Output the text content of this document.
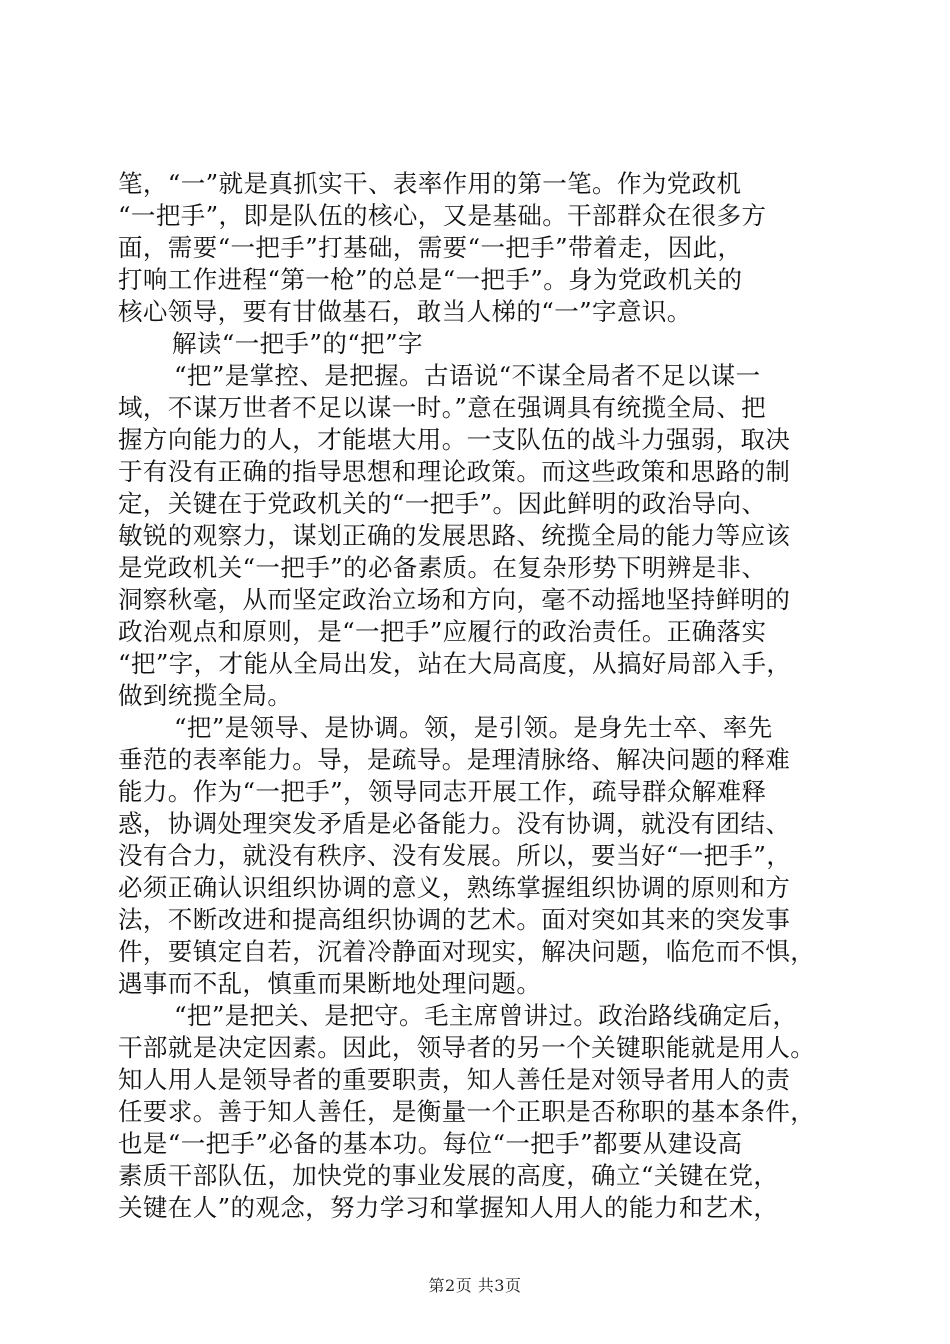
笔，“一”就是真抓实干、表率作用的第一笔。作为党政机
“一把手”，即是队伍的核心，又是基础。干部群众在很多方
面，需要“一把手”打基础，需要“一把手”带着走，因此，
打响工作进程“第一枪”的总是“一把手”。身为党政机关的
核心领导，要有甘做基石，敢当人梯的“一”字意识。
解读“一把手”的“把”字
“把”是掌控、是把握。古语说“不谋全局者不足以谋一
域，不谋万世者不足以谋一时。”意在强调具有统揽全局、把
握方向能力的人，才能堪大用。一支队伍的战斗力强弱，取决
于有没有正确的指导思想和理论政策。而这些政策和思路的制
定，关键在于党政机关的“一把手”。因此鲜明的政治导向、
敏锐的观察力，谋划正确的发展思路、统揽全局的能力等应该
是党政机关“一把手”的必备素质。在复杂形势下明辨是非、
洞察秋毫，从而坚定政治立场和方向，毫不动摇地坚持鲜明的
政治观点和原则，是“一把手”应履行的政治责任。正确落实
“把”字，才能从全局出发，站在大局高度，从搞好局部入手，
做到统揽全局。
“把”是领导、是协调。领，是引领。是身先士卒、率先
垂范的表率能力。导，是疏导。是理清脉络、解决问题的释难
能力。作为“一把手”，领导同志开展工作，疏导群众解难释
惑，协调处理突发矛盾是必备能力。没有协调，就没有团结、
没有合力，就没有秩序、没有发展。所以，要当好“一把手”，
必须正确认识组织协调的意义，熟练掌握组织协调的原则和方
法，不断改进和提高组织协调的艺术。面对突如其来的突发事
件，要镇定自若，沉着冷静面对现实，解决问题，临危而不惧，
遇事而不乱，慎重而果断地处理问题。
“把”是把关、是把守。毛主席曾讲过。政治路线确定后，
干部就是决定因素。因此，领导者的另一个关键职能就是用人。
知人用人是领导者的重要职责，知人善任是对领导者用人的责
任要求。善于知人善任，是衡量一个正职是否称职的基本条件，
也是“一把手”必备的基本功。每位“一把手”都要从建设高
素质干部队伍，加快党的事业发展的高度，确立“关键在党，
关键在人”的观念，努力学习和掌握知人用人的能力和艺术，
第2页 共3页
